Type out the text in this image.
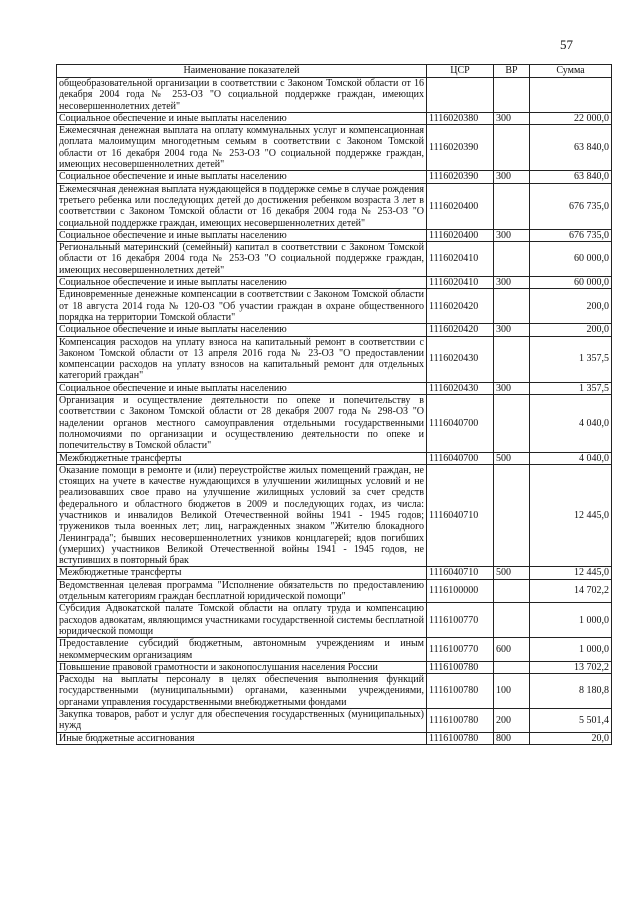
57
Наименование показателей	ЦСР	ВР	Сумма
общеобразовательной организации в соответствии с Законом Томской области от 16 декабря 2004 года № 253-ОЗ "О социальной поддержке граждан, имеющих несовершеннолетних детей"			
Социальное обеспечение и иные выплаты населению	1116020380	300	22 000,0
Ежемесячная денежная выплата на оплату коммунальных услуг и компенсационная доплата малоимущим многодетным семьям в соответствии с Законом Томской области от 16 декабря 2004 года № 253-ОЗ "О социальной поддержке граждан, имеющих несовершеннолетних детей"	1116020390		63 840,0
Социальное обеспечение и иные выплаты населению	1116020390	300	63 840,0
Ежемесячная денежная выплата нуждающейся в поддержке семье в случае рождения третьего ребенка или последующих детей до достижения ребенком возраста 3 лет в соответствии с Законом Томской области от 16 декабря 2004 года № 253-ОЗ "О социальной поддержке граждан, имеющих несовершеннолетних детей"	1116020400		676 735,0
Социальное обеспечение и иные выплаты населению	1116020400	300	676 735,0
Региональный материнский (семейный) капитал в соответствии с Законом Томской области от 16 декабря 2004 года № 253-ОЗ "О социальной поддержке граждан, имеющих несовершеннолетних детей"	1116020410		60 000,0
Социальное обеспечение и иные выплаты населению	1116020410	300	60 000,0
Единовременные денежные компенсации в соответствии с Законом Томской области от 18 августа 2014 года № 120-ОЗ "Об участии граждан в охране общественного порядка на территории Томской области"	1116020420		200,0
Социальное обеспечение и иные выплаты населению	1116020420	300	200,0
Компенсация расходов на уплату взноса на капитальный ремонт в соответствии с Законом Томской области от 13 апреля 2016 года № 23-ОЗ "О предоставлении компенсации расходов на уплату взносов на капитальный ремонт для отдельных категорий граждан"	1116020430		1 357,5
Социальное обеспечение и иные выплаты населению	1116020430	300	1 357,5
Организация и осуществление деятельности по опеке и попечительству в соответствии с Законом Томской области от 28 декабря 2007 года № 298-ОЗ "О наделении органов местного самоуправления отдельными государственными полномочиями по организации и осуществлению деятельности по опеке и попечительству в Томской области"	1116040700		4 040,0
Межбюджетные трансферты	1116040700	500	4 040,0
Оказание помощи в ремонте и (или) переустройстве жилых помещений граждан, не стоящих на учете в качестве нуждающихся в улучшении жилищных условий и не реализовавших свое право на улучшение жилищных условий за счет средств федерального и областного бюджетов в 2009 и последующих годах, из числа: участников и инвалидов Великой Отечественной войны 1941 - 1945 годов; тружеников тыла военных лет; лиц, награжденных знаком "Жителю блокадного Ленинграда"; бывших несовершеннолетних узников концлагерей; вдов погибших (умерших) участников Великой Отечественной войны 1941 - 1945 годов, не вступивших в повторный брак	1116040710		12 445,0
Межбюджетные трансферты	1116040710	500	12 445,0
Ведомственная целевая программа "Исполнение обязательств по предоставлению отдельным категориям граждан бесплатной юридической помощи"	1116100000		14 702,2
Субсидия Адвокатской палате Томской области на оплату труда и компенсацию расходов адвокатам, являющимся участниками государственной системы бесплатной юридической помощи	1116100770		1 000,0
Предоставление субсидий бюджетным, автономным учреждениям и иным некоммерческим организациям	1116100770	600	1 000,0
Повышение правовой грамотности и законопослушания населения России	1116100780		13 702,2
Расходы на выплаты персоналу в целях обеспечения выполнения функций государственными (муниципальными) органами, казенными учреждениями, органами управления государственными внебюджетными фондами	1116100780	100	8 180,8
Закупка товаров, работ и услуг для обеспечения государственных (муниципальных) нужд	1116100780	200	5 501,4
Иные бюджетные ассигнования	1116100780	800	20,0
